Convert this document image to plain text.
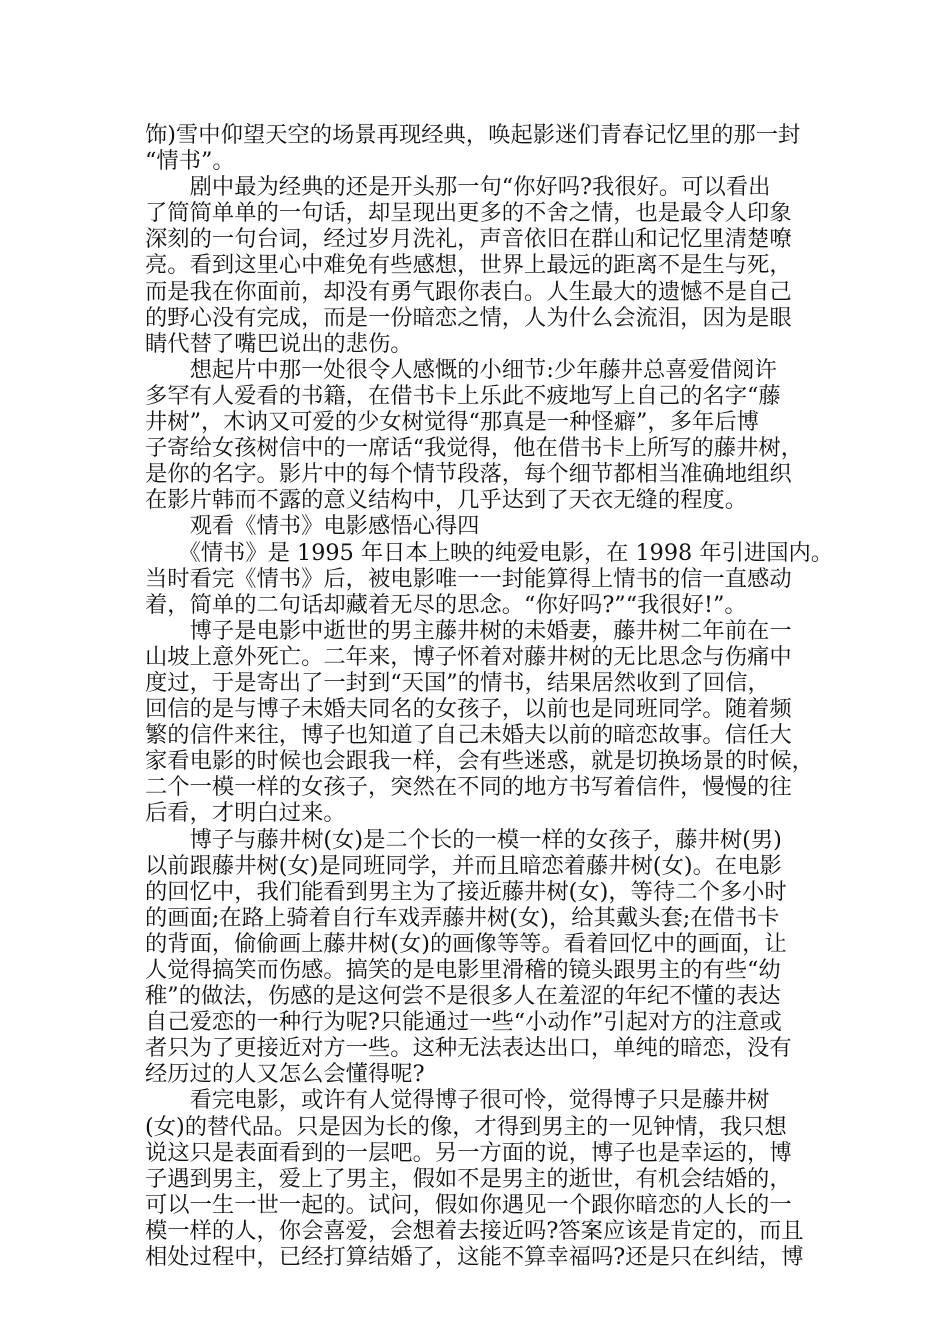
饰)雪中仰望天空的场景再现经典，唤起影迷们青春记忆里的那一封
“情书”。
　　剧中最为经典的还是开头那一句“你好吗?我很好。可以看出
了简简单单的一句话，却呈现出更多的不舍之情，也是最令人印象
深刻的一句台词，经过岁月洗礼，声音依旧在群山和记忆里清楚嘹
亮。看到这里心中难免有些感想，世界上最远的距离不是生与死，
而是我在你面前，却没有勇气跟你表白。人生最大的遗憾不是自己
的野心没有完成，而是一份暗恋之情，人为什么会流泪，因为是眼
睛代替了嘴巴说出的悲伤。
　　想起片中那一处很令人感慨的小细节:少年藤井总喜爱借阅许
多罕有人爱看的书籍，在借书卡上乐此不疲地写上自己的名字“藤
井树”，木讷又可爱的少女树觉得“那真是一种怪癖”，多年后博
子寄给女孩树信中的一席话“我觉得，他在借书卡上所写的藤井树，
是你的名字。影片中的每个情节段落，每个细节都相当准确地组织
在影片韩而不露的意义结构中，几乎达到了天衣无缝的程度。
　　观看《情书》电影感悟心得四
　　《情书》是 1995 年日本上映的纯爱电影，在 1998 年引进国内。
当时看完《情书》后，被电影唯一一封能算得上情书的信一直感动
着，简单的二句话却藏着无尽的思念。“你好吗?”“我很好!”。
　　博子是电影中逝世的男主藤井树的未婚妻，藤井树二年前在一
山坡上意外死亡。二年来，博子怀着对藤井树的无比思念与伤痛中
度过，于是寄出了一封到“天国”的情书，结果居然收到了回信，
回信的是与博子未婚夫同名的女孩子，以前也是同班同学。随着频
繁的信件来往，博子也知道了自己未婚夫以前的暗恋故事。信任大
家看电影的时候也会跟我一样，会有些迷惑，就是切换场景的时候，
二个一模一样的女孩子，突然在不同的地方书写着信件，慢慢的往
后看，才明白过来。
　　博子与藤井树(女)是二个长的一模一样的女孩子，藤井树(男)
以前跟藤井树(女)是同班同学，并而且暗恋着藤井树(女)。在电影
的回忆中，我们能看到男主为了接近藤井树(女)，等待二个多小时
的画面;在路上骑着自行车戏弄藤井树(女)，给其戴头套;在借书卡
的背面，偷偷画上藤井树(女)的画像等等。看着回忆中的画面，让
人觉得搞笑而伤感。搞笑的是电影里滑稽的镜头跟男主的有些“幼
稚”的做法，伤感的是这何尝不是很多人在羞涩的年纪不懂的表达
自己爱恋的一种行为呢?只能通过一些“小动作”引起对方的注意或
者只为了更接近对方一些。这种无法表达出口，单纯的暗恋，没有
经历过的人又怎么会懂得呢?
　　看完电影，或许有人觉得博子很可怜，觉得博子只是藤井树
(女)的替代品。只是因为长的像，才得到男主的一见钟情，我只想
说这只是表面看到的一层吧。另一方面的说，博子也是幸运的，博
子遇到男主，爱上了男主，假如不是男主的逝世，有机会结婚的，
可以一生一世一起的。试问，假如你遇见一个跟你暗恋的人长的一
模一样的人，你会喜爱，会想着去接近吗?答案应该是肯定的，而且
相处过程中，已经打算结婚了，这能不算幸福吗?还是只在纠结，博
